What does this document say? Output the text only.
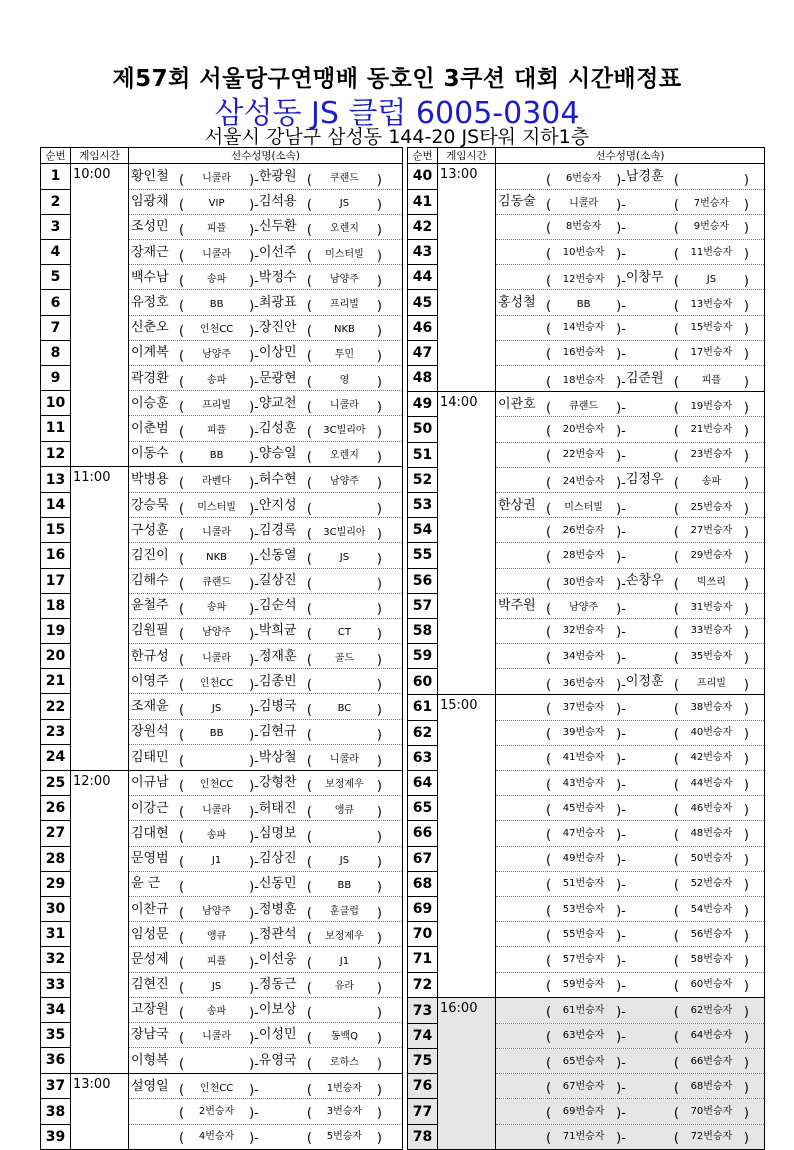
제57회 서울당구연맹배 동호인 3쿠션 대회 시간배정표
삼성동 JS 클럽 6005-0304
서울시 강남구 삼성동 144-20 JS타워 지하1층
순번	게임시간	선수성명(소속)
1	10:00	황인철 ( 니콜라 )-한광원 ( 쿠랜드 )
2		임광채 ( VIP )-김석용 ( JS )
3		조성민 ( 피플 )-신두환 ( 오렌지 )
4		장재근 ( 니콜라 )-이선주 ( 미스터빌 )
5		백수남 ( 송파 )-박정수 ( 남양주 )
6		유정호 ( BB )-최광표 ( 프리빌 )
7		신춘오 ( 인천CC )-장진안 ( NKB )
8		이계복 ( 남양주 )-이상민 ( 투민 )
9		곽경환 ( 송파 )-문광현 ( 영 )
10		이승훈 ( 프리빌 )-양교천 ( 니콜라 )
11		이춘범 ( 피플 )-김성훈 ( 3C빌리아 )
12		이동수 ( BB )-양승일 ( 오렌지 )
13	11:00	박병용 ( 라벤다 )-허수현 ( 남양주 )
14		강승묵 ( 미스터빌 )-안지성 ( )
15		구성훈 ( 니콜라 )-김경록 ( 3C빌리아 )
16		김진이 ( NKB )-신동열 ( JS )
17		김해수 ( 큐랜드 )-길상진 ( )
18		윤철주 ( 송파 )-김순석 ( )
19		김원필 ( 남양주 )-박희균 ( CT )
20		한규성 ( 니콜라 )-정재훈 ( 골드 )
21		이영주 ( 인천CC )-김종빈 ( )
22		조재윤 ( JS )-김병국 ( BC )
23		장원석 ( BB )-김현규 ( )
24		김태민 ( )-박상철 ( 니콜라 )
25	12:00	이규남 ( 인천CC )-강형찬 ( 보정제우 )
26		이강근 ( 니콜라 )-허태진 ( 앵큐 )
27		김대현 ( 송파 )-심명보 ( )
28		문영범 ( J1 )-김상진 ( JS )
29		윤 근 ( )-신동민 ( BB )
30		이찬규 ( 남양주 )-정병훈 ( 훈클럽 )
31		임성문 ( 앵큐 )-정관석 ( 보정제우 )
32		문성제 ( 피플 )-이선웅 ( J1 )
33		김현진 ( JS )-정동근 ( 유라 )
34		고장원 ( 송파 )-이보상 ( )
35		장남국 ( 니콜라 )-이성민 ( 동백Q )
36		이형복 ( )-유영국 ( 로하스 )
37	13:00	설영일 ( 인천CC )- ( 1번승자 )
38		( 2번승자 )- ( 3번승자 )
39		( 4번승자 )- ( 5번승자 )
순번	게임시간	선수성명(소속)
40	13:00	( 6번승자 )-남경훈 ( )
41		김동술 ( 니콜라 )- ( 7번승자 )
42		( 8번승자 )- ( 9번승자 )
43		( 10번승자 )- ( 11번승자 )
44		( 12번승자 )-이창무 ( JS )
45		홍성철 ( BB )- ( 13번승자 )
46		( 14번승자 )- ( 15번승자 )
47		( 16번승자 )- ( 17번승자 )
48		( 18번승자 )-김준원 ( 피플 )
49	14:00	이관호 ( 큐랜드 )- ( 19번승자 )
50		( 20번승자 )- ( 21번승자 )
51		( 22번승자 )- ( 23번승자 )
52		( 24번승자 )-김정우 ( 송파 )
53		한상권 ( 미스터빌 )- ( 25번승자 )
54		( 26번승자 )- ( 27번승자 )
55		( 28번승자 )- ( 29번승자 )
56		( 30번승자 )-손창우 ( 빅쓰리 )
57		박주원 ( 남양주 )- ( 31번승자 )
58		( 32번승자 )- ( 33번승자 )
59		( 34번승자 )- ( 35번승자 )
60		( 36번승자 )-이정훈 ( 프리빌 )
61	15:00	( 37번승자 )- ( 38번승자 )
62		( 39번승자 )- ( 40번승자 )
63		( 41번승자 )- ( 42번승자 )
64		( 43번승자 )- ( 44번승자 )
65		( 45번승자 )- ( 46번승자 )
66		( 47번승자 )- ( 48번승자 )
67		( 49번승자 )- ( 50번승자 )
68		( 51번승자 )- ( 52번승자 )
69		( 53번승자 )- ( 54번승자 )
70		( 55번승자 )- ( 56번승자 )
71		( 57번승자 )- ( 58번승자 )
72		( 59번승자 )- ( 60번승자 )
73	16:00	( 61번승자 )- ( 62번승자 )
74		( 63번승자 )- ( 64번승자 )
75		( 65번승자 )- ( 66번승자 )
76		( 67번승자 )- ( 68번승자 )
77		( 69번승자 )- ( 70번승자 )
78		( 71번승자 )- ( 72번승자 )
